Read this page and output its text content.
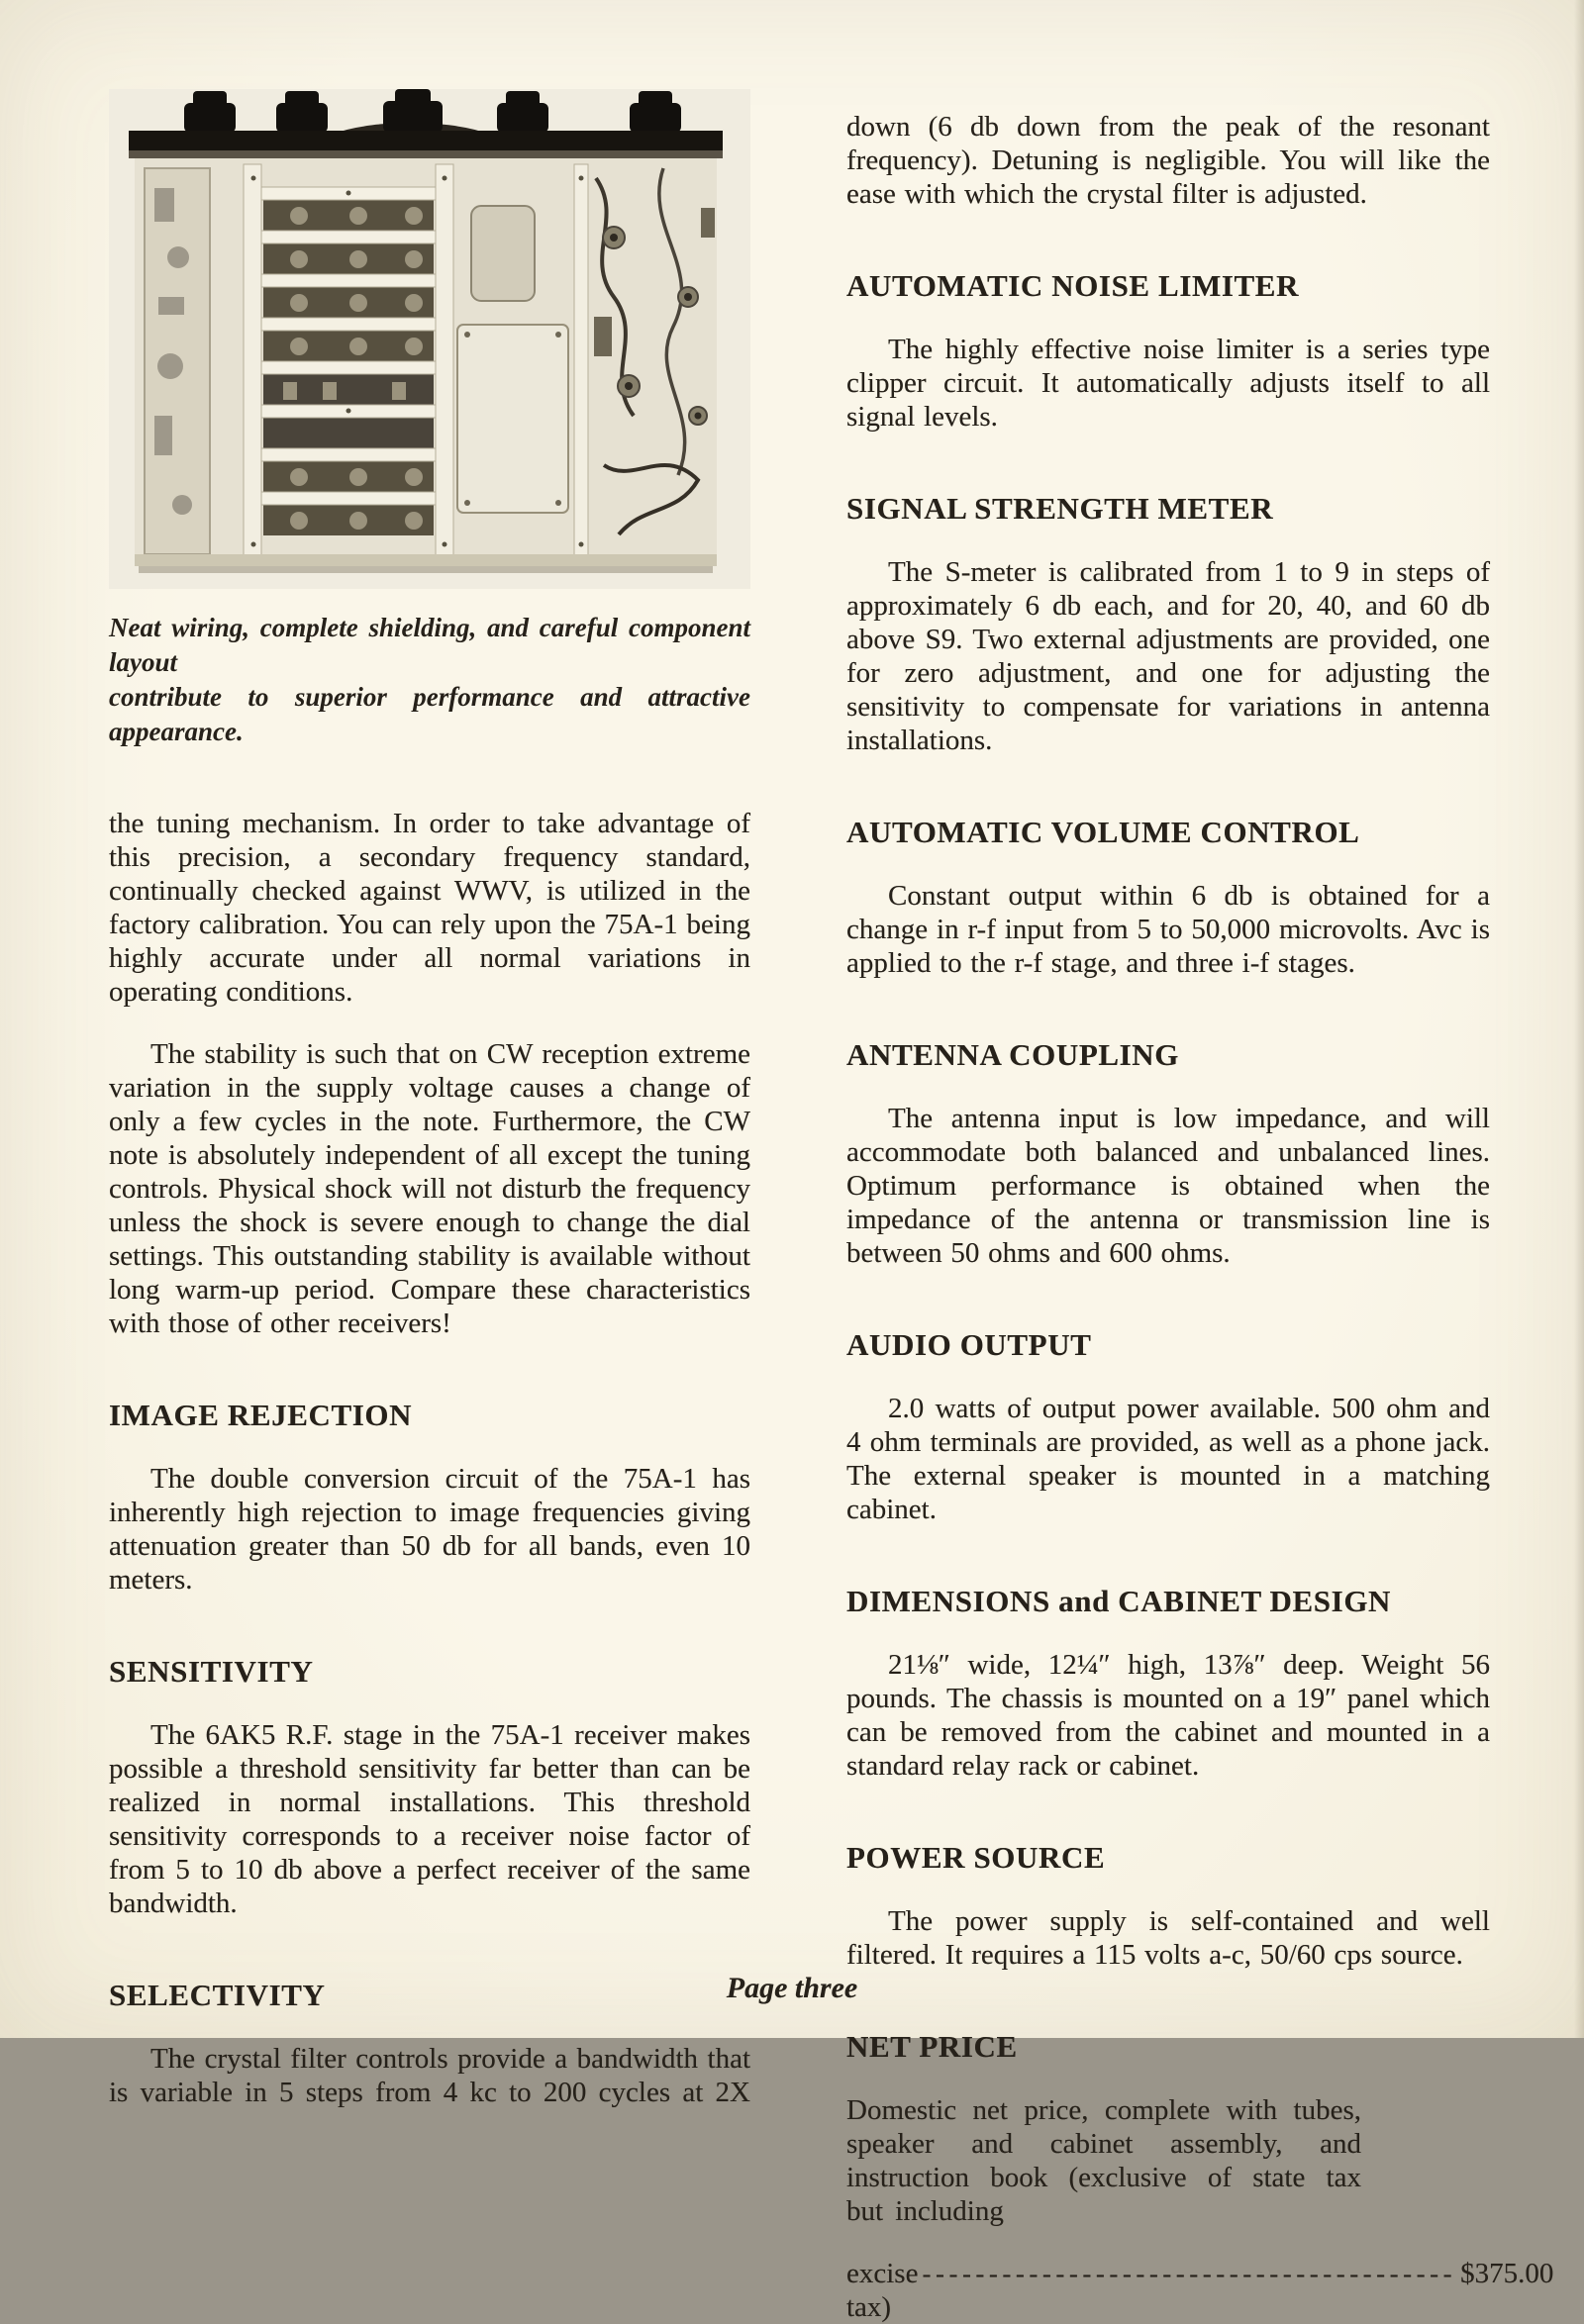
Neat wiring, complete shielding, and careful component layout
contribute to superior performance and attractive appearance.

the tuning mechanism. In order to take advantage of this precision, a secondary frequency standard, continually checked against WWV, is utilized in the factory calibration. You can rely upon the 75A-1 being highly accurate under all normal variations in operating conditions.

The stability is such that on CW reception extreme variation in the supply voltage causes a change of only a few cycles in the note. Furthermore, the CW note is absolutely independent of all except the tuning controls. Physical shock will not disturb the frequency unless the shock is severe enough to change the dial settings. This outstanding stability is available without long warm-up period. Compare these characteristics with those of other receivers!

IMAGE REJECTION

The double conversion circuit of the 75A-1 has inherently high rejection to image frequencies giving attenuation greater than 50 db for all bands, even 10 meters.

SENSITIVITY

The 6AK5 R.F. stage in the 75A-1 receiver makes possible a threshold sensitivity far better than can be realized in normal installations. This threshold sensitivity corresponds to a receiver noise factor of from 5 to 10 db above a perfect receiver of the same bandwidth.

SELECTIVITY

The crystal filter controls provide a bandwidth that is variable in 5 steps from 4 kc to 200 cycles at 2X

down (6 db down from the peak of the resonant frequency). Detuning is negligible. You will like the ease with which the crystal filter is adjusted.

AUTOMATIC NOISE LIMITER

The highly effective noise limiter is a series type clipper circuit. It automatically adjusts itself to all signal levels.

SIGNAL STRENGTH METER

The S-meter is calibrated from 1 to 9 in steps of approximately 6 db each, and for 20, 40, and 60 db above S9. Two external adjustments are provided, one for zero adjustment, and one for adjusting the sensitivity to compensate for variations in antenna installations.

AUTOMATIC VOLUME CONTROL

Constant output within 6 db is obtained for a change in r-f input from 5 to 50,000 microvolts. Avc is applied to the r-f stage, and three i-f stages.

ANTENNA COUPLING

The antenna input is low impedance, and will accommodate both balanced and unbalanced lines. Optimum performance is obtained when the impedance of the antenna or transmission line is between 50 ohms and 600 ohms.

AUDIO OUTPUT

2.0 watts of output power available. 500 ohm and 4 ohm terminals are provided, as well as a phone jack. The external speaker is mounted in a matching cabinet.

DIMENSIONS and CABINET DESIGN

21⅛″ wide, 12¼″ high, 13⅞″ deep. Weight 56 pounds. The chassis is mounted on a 19″ panel which can be removed from the cabinet and mounted in a standard relay rack or cabinet.

POWER SOURCE

The power supply is self-contained and well filtered. It requires a 115 volts a-c, 50/60 cps source.

NET PRICE

Domestic net price, complete with tubes, speaker and cabinet assembly, and instruction book (exclusive of state tax but including

excise tax)
---------------------------------------- $375.00
Page three
